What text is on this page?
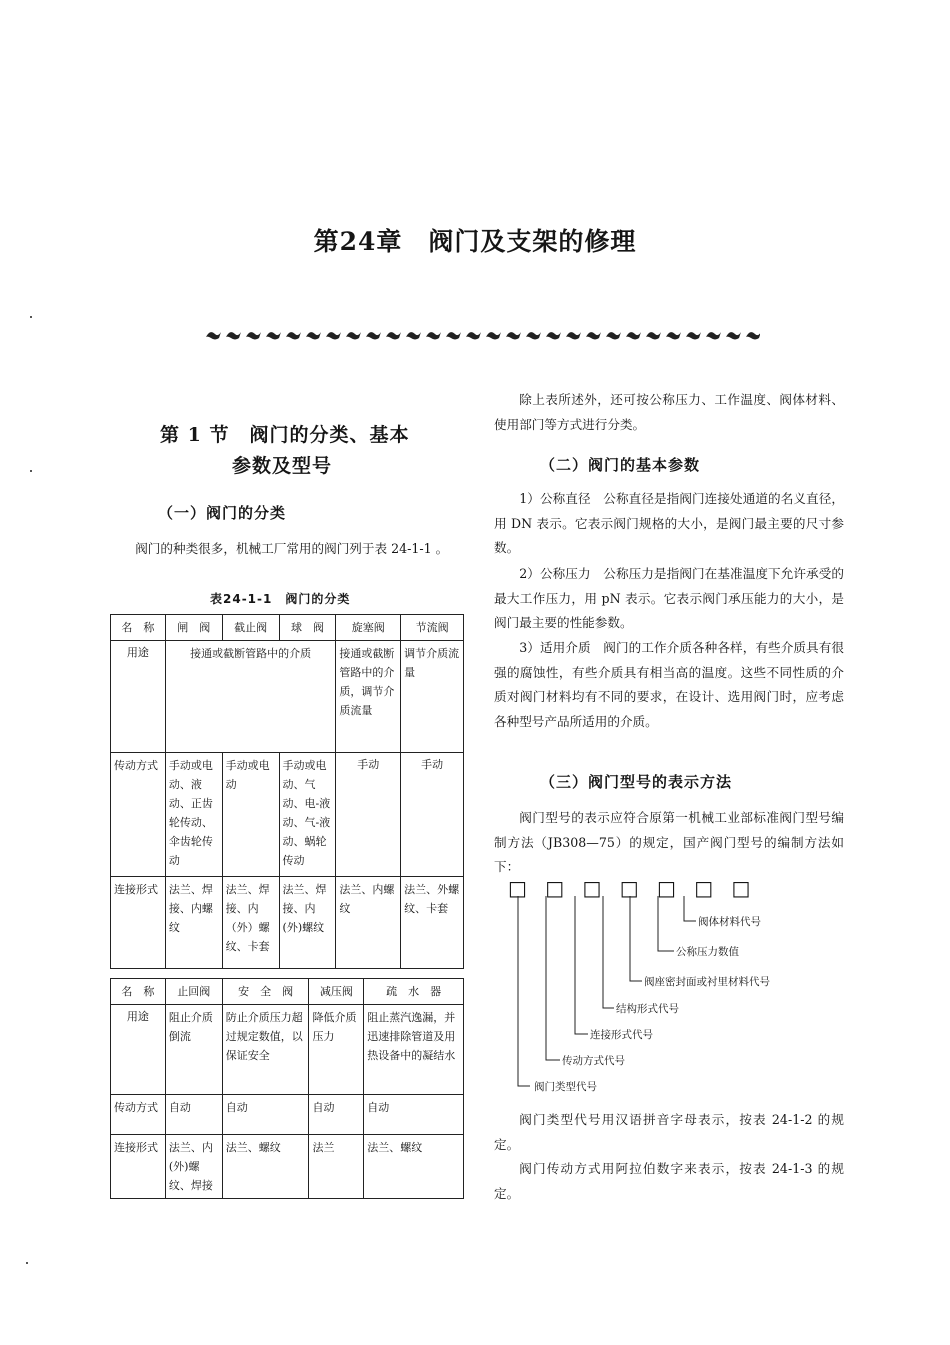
第24章　阀门及支架的修理
第 1 节　阀门的分类、基本
参数及型号
（一）阀门的分类
阀门的种类很多，机械工厂常用的阀门列于表 24-1-1 。
表24-1-1　阀门的分类
名　称	闸　阀	截止阀	球　阀	旋塞阀	节流阀
用途	接通或截断管路中的介质			接通或截断管路中的介质，调节介质流量	调节介质流量
传动方式	手动或电动、液动、正齿轮传动、伞齿轮传动	手动或电动	手动或电动、气动、电-液动、气-液动、蜗轮传动	手动	手动
连接形式	法兰、焊接、内螺纹	法兰、焊接、内（外）螺纹、卡套	法兰、焊接、内(外)螺纹	法兰、内螺纹	法兰、外螺纹、卡套
名　称	止回阀	安　全　阀	减压阀	疏　水　器
用途	阻止介质倒流	防止介质压力超过规定数值，以保证安全	降低介质压力	阻止蒸汽逸漏，并迅速排除管道及用热设备中的凝结水
传动方式	自动	自动	自动	自动
连接形式	法兰、内(外)螺纹、焊接	法兰、螺纹	法兰	法兰、螺纹
除上表所述外，还可按公称压力、工作温度、阀体材料、使用部门等方式进行分类。
（二）阀门的基本参数
1）公称直径　公称直径是指阀门连接处通道的名义直径，用 DN 表示。它表示阀门规格的大小，是阀门最主要的尺寸参数。
2）公称压力　公称压力是指阀门在基准温度下允许承受的最大工作压力，用 pN 表示。它表示阀门承压能力的大小，是阀门最主要的性能参数。
3）适用介质　阀门的工作介质各种各样，有些介质具有很强的腐蚀性，有些介质具有相当高的温度。这些不同性质的介质对阀门材料均有不同的要求，在设计、选用阀门时，应考虑各种型号产品所适用的介质。
（三）阀门型号的表示方法
阀门型号的表示应符合原第一机械工业部标准阀门型号编制方法（JB308—75）的规定，国产阀门型号的编制方法如下：
□ □ □ □ □ □ □
阀体材料代号
公称压力数值
阀座密封面或衬里材料代号
结构形式代号
连接形式代号
传动方式代号
阀门类型代号
阀门类型代号用汉语拼音字母表示，按表 24-1-2 的规定。
阀门传动方式用阿拉伯数字来表示，按表 24-1-3 的规定。
